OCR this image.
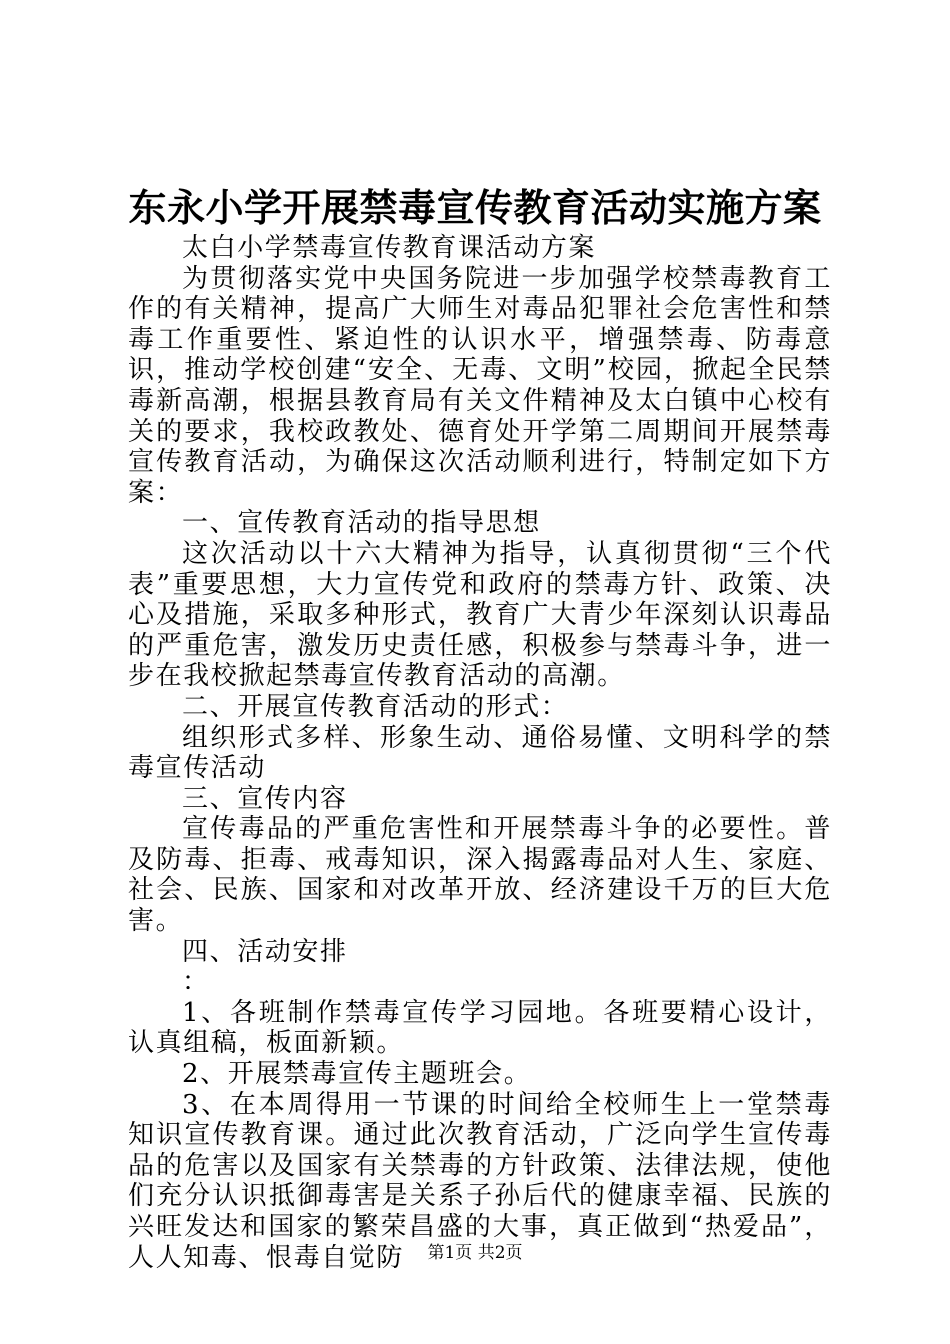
东永小学开展禁毒宣传教育活动实施方案

太白小学禁毒宣传教育课活动方案

为贯彻落实党中央国务院进一步加强学校禁毒教育工作的有关精神，提高广大师生对毒品犯罪社会危害性和禁毒工作重要性、紧迫性的认识水平，增强禁毒、防毒意识，推动学校创建“安全、无毒、文明”校园，掀起全民禁毒新高潮，根据县教育局有关文件精神及太白镇中心校有关的要求，我校政教处、德育处开学第二周期间开展禁毒宣传教育活动，为确保这次活动顺利进行，特制定如下方案：

一、宣传教育活动的指导思想

这次活动以十六大精神为指导，认真彻贯彻“三个代表”重要思想，大力宣传党和政府的禁毒方针、政策、决心及措施，采取多种形式，教育广大青少年深刻认识毒品的严重危害，激发历史责任感，积极参与禁毒斗争，进一步在我校掀起禁毒宣传教育活动的高潮。

二、开展宣传教育活动的形式：

组织形式多样、形象生动、通俗易懂、文明科学的禁毒宣传活动

三、宣传内容

宣传毒品的严重危害性和开展禁毒斗争的必要性。普及防毒、拒毒、戒毒知识，深入揭露毒品对人生、家庭、社会、民族、国家和对改革开放、经济建设千万的巨大危害。

四、活动安排

：

1、各班制作禁毒宣传学习园地。各班要精心设计，认真组稿，板面新颖。

2、开展禁毒宣传主题班会。

3、在本周得用一节课的时间给全校师生上一堂禁毒知识宣传教育课。通过此次教育活动，广泛向学生宣传毒品的危害以及国家有关禁毒的方针政策、法律法规，使他们充分认识抵御毒害是关系子孙后代的健康幸福、民族的兴旺发达和国家的繁荣昌盛的大事，真正做到“热爱品”，人人知毒、恨毒自觉防	第1页 共2页
